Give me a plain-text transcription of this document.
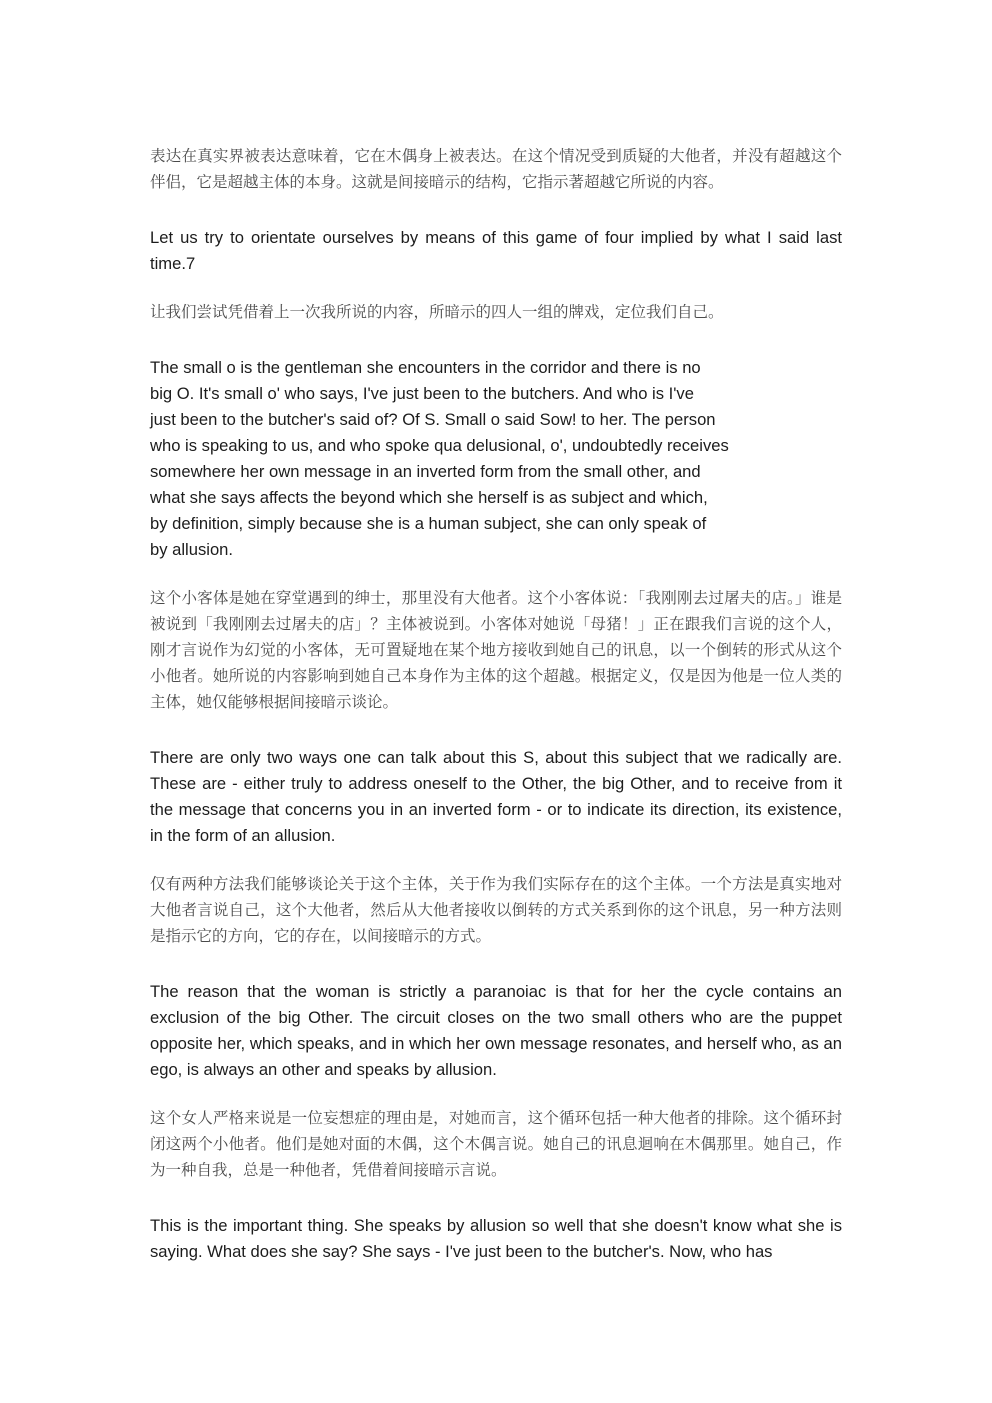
表达在真实界被表达意味着，它在木偶身上被表达。在这个情况受到质疑的大他者，并没有超越这个伴侣，它是超越主体的本身。这就是间接暗示的结构，它指示著超越它所说的内容。

Let us try to orientate ourselves by means of this game of four implied by what I said last time.7

让我们尝试凭借着上一次我所说的内容，所暗示的四人一组的牌戏，定位我们自己。

The small o is the gentleman she encounters in the corridor and there is no
big O. It's small o' who says, I've just been to the butchers. And who is I've
just been to the butcher's said of? Of S. Small o said Sow! to her. The person
who is speaking to us, and who spoke qua delusional, o', undoubtedly receives
somewhere her own message in an inverted form from the small other, and
what she says affects the beyond which she herself is as subject and which,
by definition, simply because she is a human subject, she can only speak of
by allusion.

这个小客体是她在穿堂遇到的绅士，那里没有大他者。这个小客体说：「我刚刚去过屠夫的店。」谁是被说到「我刚刚去过屠夫的店」？主体被说到。小客体对她说「母猪！」正在跟我们言说的这个人，刚才言说作为幻觉的小客体，无可置疑地在某个地方接收到她自己的讯息，以一个倒转的形式从这个小他者。她所说的内容影响到她自己本身作为主体的这个超越。根据定义，仅是因为他是一位人类的主体，她仅能够根据间接暗示谈论。

There are only two ways one can talk about this S, about this subject that we radically are. These are - either truly to address oneself to the Other, the big Other, and to receive from it the message that concerns you in an inverted form - or to indicate its direction, its existence, in the form of an allusion.

仅有两种方法我们能够谈论关于这个主体，关于作为我们实际存在的这个主体。一个方法是真实地对大他者言说自己，这个大他者，然后从大他者接收以倒转的方式关系到你的这个讯息，另一种方法则是指示它的方向，它的存在，以间接暗示的方式。

The reason that the woman is strictly a paranoiac is that for her the cycle contains an exclusion of the big Other. The circuit closes on the two small others who are the puppet opposite her, which speaks, and in which her own message resonates, and herself who, as an ego, is always an other and speaks by allusion.

这个女人严格来说是一位妄想症的理由是，对她而言，这个循环包括一种大他者的排除。这个循环封闭这两个小他者。他们是她对面的木偶，这个木偶言说。她自己的讯息迴响在木偶那里。她自己，作为一种自我，总是一种他者，凭借着间接暗示言说。

This is the important thing. She speaks by allusion so well that she doesn't know what she is saying. What does she say? She says - I've just been to the butcher's. Now, who has
